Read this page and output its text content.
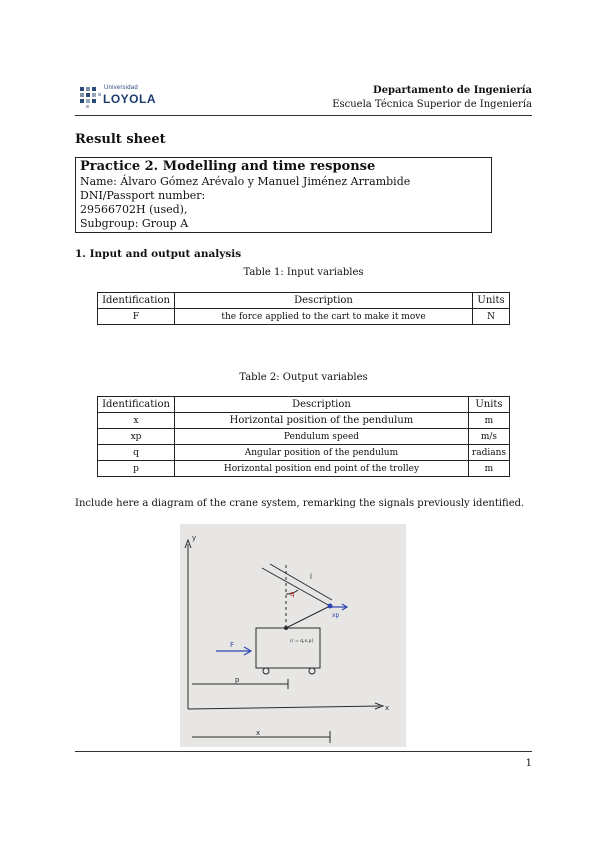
Universidad
LOYOLA
Departamento de Ingeniería
Escuela Técnica Superior de Ingeniería
Result sheet
Practice 2. Modelling and time response
Name: Álvaro Gómez Arévalo y Manuel Jiménez Arrambide
DNI/Passport number:
29566702H (used),
Subgroup: Group A
1. Input and output analysis
Table 1: Input variables
Identification	Description	Units
F	the force applied to the cart to make it move	N
Table 2: Output variables
Identification	Description	Units
x	Horizontal position of the pendulum	m
xp	Pendulum speed	m/s
q	Angular position of the pendulum	radians
p	Horizontal position end point of the trolley	m
Include here a diagram of the crane system, remarking the signals previously identified.
y
x
F
p
x
l
q
xp
(r = q,x,p)
1
